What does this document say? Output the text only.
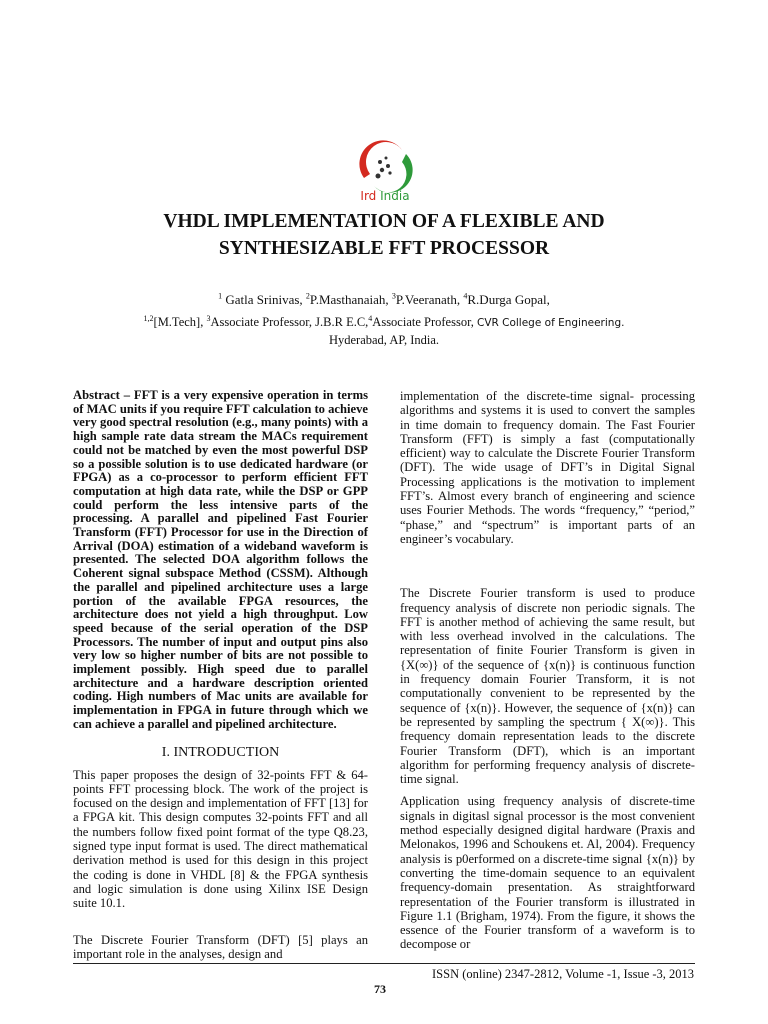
Ird India
VHDL IMPLEMENTATION OF A FLEXIBLE AND
SYNTHESIZABLE FFT PROCESSOR
$^1$ Gatla Srinivas, $^2$P.Masthanaiah, $^3$P.Veeranath, $^4$R.Durga Gopal,
$^{1,2}$[M.Tech], $^3$Associate Professor, J.B.R E.C,$^4$Associate Professor, CVR College of Engineering.
Hyderabad, AP, India.

Abstract – FFT is a very expensive operation in terms of MAC units if you require FFT calculation to achieve very good spectral resolution (e.g., many points) with a high sample rate data stream the MACs requirement could not be matched by even the most powerful DSP so a possible solution is to use dedicated hardware (or FPGA) as a co-processor to perform efficient FFT computation at high data rate, while the DSP or GPP could perform the less intensive parts of the processing. A parallel and pipelined Fast Fourier Transform (FFT) Processor for use in the Direction of Arrival (DOA) estimation of a wideband waveform is presented. The selected DOA algorithm follows the Coherent signal subspace Method (CSSM). Although the parallel and pipelined architecture uses a large portion of the available FPGA resources, the architecture does not yield a high throughput. Low speed because of the serial operation of the DSP Processors. The number of input and output pins also very low so higher number of bits are not possible to implement possibly. High speed due to parallel architecture and a hardware description oriented coding. High numbers of Mac units are available for implementation in FPGA in future through which we can achieve a parallel and pipelined architecture.

I. INTRODUCTION

This paper proposes the design of 32-points FFT & 64-points FFT processing block. The work of the project is focused on the design and implementation of FFT [13] for a FPGA kit. This design computes 32-points FFT and all the numbers follow fixed point format of the type Q8.23, signed type input format is used. The direct mathematical derivation method is used for this design in this project the coding is done in VHDL [8] & the FPGA synthesis and logic simulation is done using Xilinx ISE Design suite 10.1.

The Discrete Fourier Transform (DFT) [5] plays an important role in the analyses, design and

implementation of the discrete-time signal- processing algorithms and systems it is used to convert the samples in time domain to frequency domain. The Fast Fourier Transform (FFT) is simply a fast (computationally efficient) way to calculate the Discrete Fourier Transform (DFT). The wide usage of DFT’s in Digital Signal Processing applications is the motivation to implement FFT’s. Almost every branch of engineering and science uses Fourier Methods. The words “frequency,” “period,” “phase,” and “spectrum” is important parts of an engineer’s vocabulary.

The Discrete Fourier transform is used to produce frequency analysis of discrete non periodic signals. The FFT is another method of achieving the same result, but with less overhead involved in the calculations. The representation of finite Fourier Transform is given in {X(∞)} of the sequence of {x(n)} is continuous function in frequency domain Fourier Transform, it is not computationally convenient to be represented by the sequence of {x(n)}. However, the sequence of {x(n)} can be represented by sampling the spectrum { X(∞)}. This frequency domain representation leads to the discrete Fourier Transform (DFT), which is an important algorithm for performing frequency analysis of discrete-time signal.

Application using frequency analysis of discrete-time signals in digitasl signal processor is the most convenient method especially designed digital hardware (Praxis and Melonakos, 1996 and Schoukens et. Al, 2004). Frequency analysis is p0erformed on a discrete-time signal {x(n)} by converting the time-domain sequence to an equivalent frequency-domain presentation. As straightforward representation of the Fourier transform is illustrated in Figure 1.1 (Brigham, 1974). From the figure, it shows the essence of the Fourier transform of a waveform is to decompose or

ISSN (online) 2347-2812, Volume -1, Issue -3, 2013
73
